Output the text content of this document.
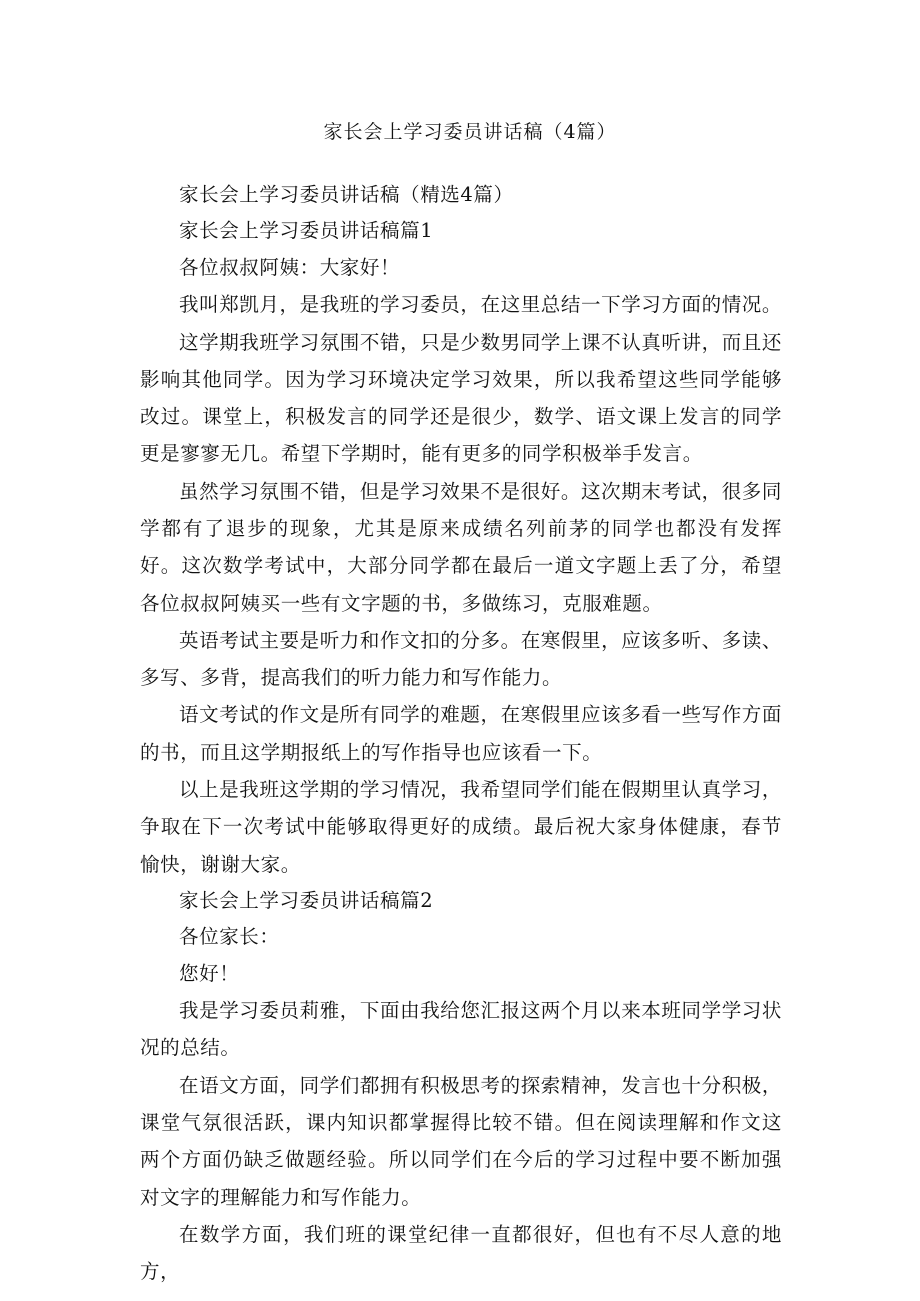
家长会上学习委员讲话稿（4篇）

家长会上学习委员讲话稿（精选4篇）

家长会上学习委员讲话稿篇1

各位叔叔阿姨：大家好！

我叫郑凯月，是我班的学习委员，在这里总结一下学习方面的情况。

这学期我班学习氛围不错，只是少数男同学上课不认真听讲，而且还影响其他同学。因为学习环境决定学习效果，所以我希望这些同学能够改过。课堂上，积极发言的同学还是很少，数学、语文课上发言的同学更是寥寥无几。希望下学期时，能有更多的同学积极举手发言。

虽然学习氛围不错，但是学习效果不是很好。这次期末考试，很多同学都有了退步的现象，尤其是原来成绩名列前茅的同学也都没有发挥好。这次数学考试中，大部分同学都在最后一道文字题上丢了分，希望各位叔叔阿姨买一些有文字题的书，多做练习，克服难题。

英语考试主要是听力和作文扣的分多。在寒假里，应该多听、多读、多写、多背，提高我们的听力能力和写作能力。

语文考试的作文是所有同学的难题，在寒假里应该多看一些写作方面的书，而且这学期报纸上的写作指导也应该看一下。

以上是我班这学期的学习情况，我希望同学们能在假期里认真学习，争取在下一次考试中能够取得更好的成绩。最后祝大家身体健康，春节愉快，谢谢大家。

家长会上学习委员讲话稿篇2

各位家长：

您好！

我是学习委员莉雅，下面由我给您汇报这两个月以来本班同学学习状况的总结。

在语文方面，同学们都拥有积极思考的探索精神，发言也十分积极，课堂气氛很活跃，课内知识都掌握得比较不错。但在阅读理解和作文这两个方面仍缺乏做题经验。所以同学们在今后的学习过程中要不断加强对文字的理解能力和写作能力。

在数学方面，我们班的课堂纪律一直都很好，但也有不尽人意的地方，
